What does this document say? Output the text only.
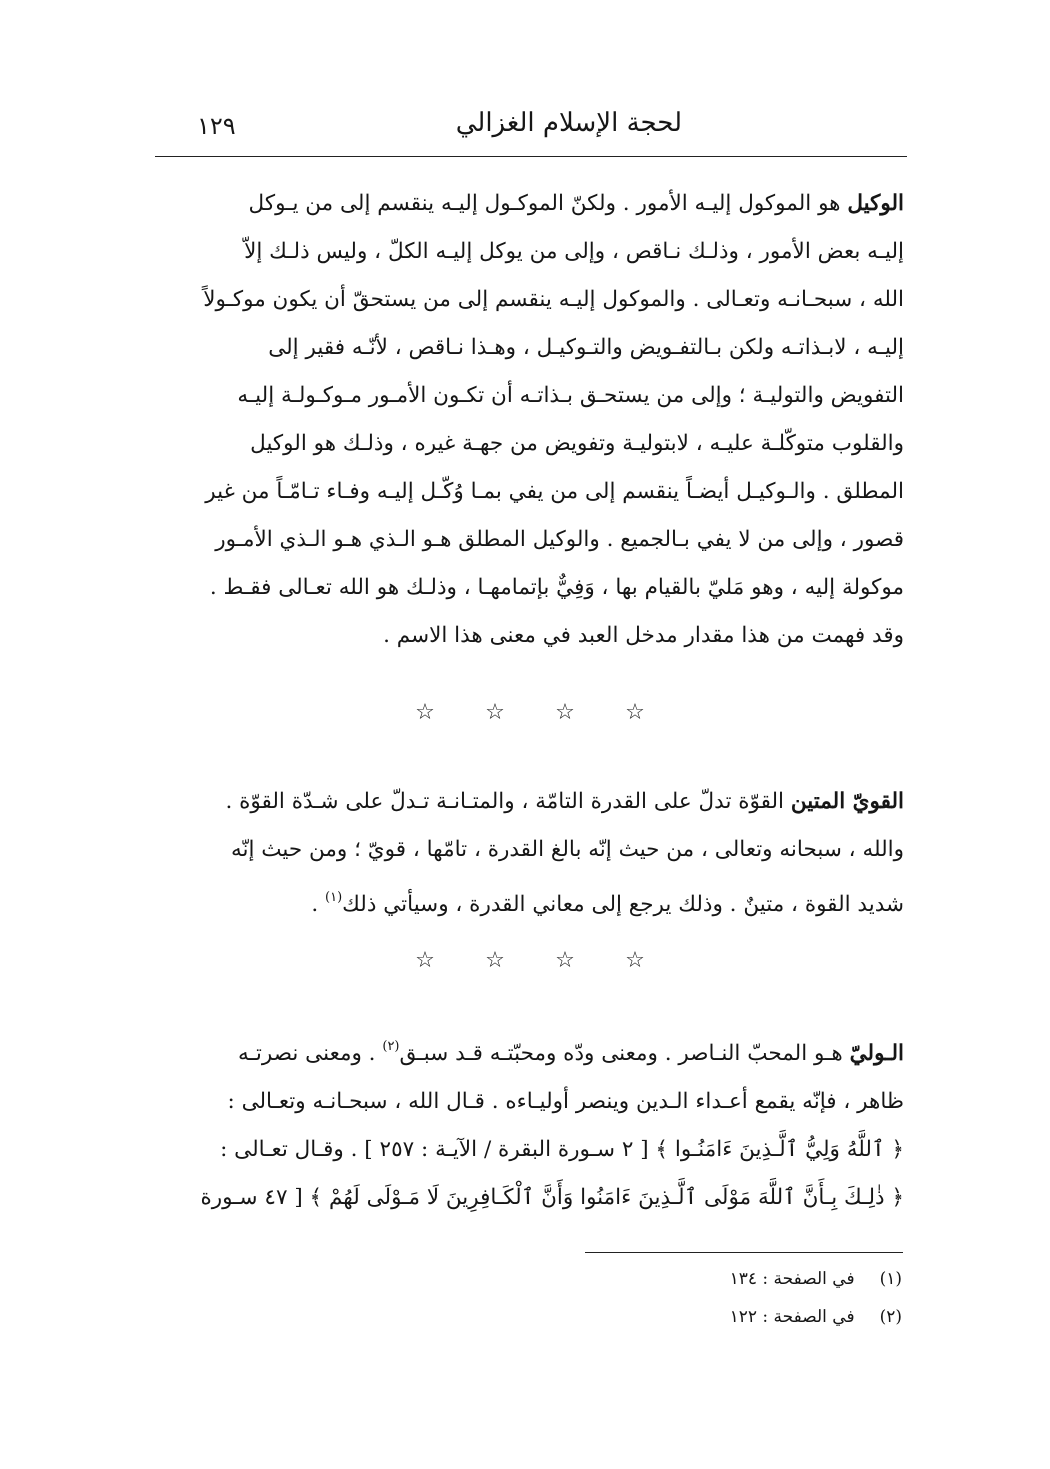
١٢٩	لحجة الإسلام الغزالي

الوكيل هو الموكول إليـه الأمور . ولكنّ الموكـول إليـه ينقسم إلى من يـوكل
إليـه بعض الأمور ، وذلـك نـاقص ، وإلى من يوكل إليـه الكلّ ، وليس ذلـك إلاّ
الله ، سبحـانـه وتعـالى . والموكول إليـه ينقسم إلى من يستحقّ أن يكون موكـولاً
إليـه ، لابـذاتـه ولكن بـالتفـويض والتـوكيـل ، وهـذا نـاقص ، لأنّـه فقير إلى
التفويض والتوليـة ؛ وإلى من يستحـق بـذاتـه أن تكـون الأمـور مـوكـولـة إليـه
والقلوب متوكّلـة عليـه ، لابتوليـة وتفويض من جهـة غيره ، وذلـك هو الوكيل
المطلق . والـوكيـل أيضـاً ينقسم إلى من يفي بمـا وُكّـل إليـه وفـاء تـامّـاً من غير
قصور ، وإلى من لا يفي بـالجميع . والوكيل المطلق هـو الـذي هـو الـذي الأمـور
موكولة إليه ، وهو مَليّ بالقيام بها ، وَفِيٌّ بإتمامهـا ، وذلـك هو الله تعـالى فقـط .
وقد فهمت من هذا مقدار مدخل العبد في معنى هذا الاسم .

☆ ☆ ☆ ☆

القويّ المتين القوّة تدلّ على القدرة التامّة ، والمتـانـة تـدلّ على شـدّة القوّة .
والله ، سبحانه وتعالى ، من حيث إنّه بالغ القدرة ، تامّها ، قويّ ؛ ومن حيث إنّه
شديد القوة ، متينٌ . وذلك يرجع إلى معاني القدرة ، وسيأتي ذلك$^{(١)}$ .

☆ ☆ ☆ ☆

الـوليّ هـو المحبّ النـاصر . ومعنى ودّه ومحبّتـه قـد سبـق$^{(٢)}$ . ومعنى نصرتـه
ظاهر ، فإنّه يقمع أعـداء الـدين وينصر أوليـاءه . قـال الله ، سبحـانـه وتعـالى :
﴿ ٱللَّهُ وَلِيُّ ٱلَّـذِينَ ءَامَنُـوا ﴾ [ ٢ سـورة البقرة / الآيـة : ٢٥٧ ] . وقـال تعـالى :
﴿ ذٰلِـكَ بِـأَنَّ ٱللَّهَ مَوْلَى ٱلَّـذِينَ ءَامَنُوا وَأَنَّ ٱلْكَـافِرِينَ لَا مَـوْلَى لَهُمْ ﴾ [ ٤٧ سـورة

(١) في الصفحة : ١٣٤
(٢) في الصفحة : ١٢٢
